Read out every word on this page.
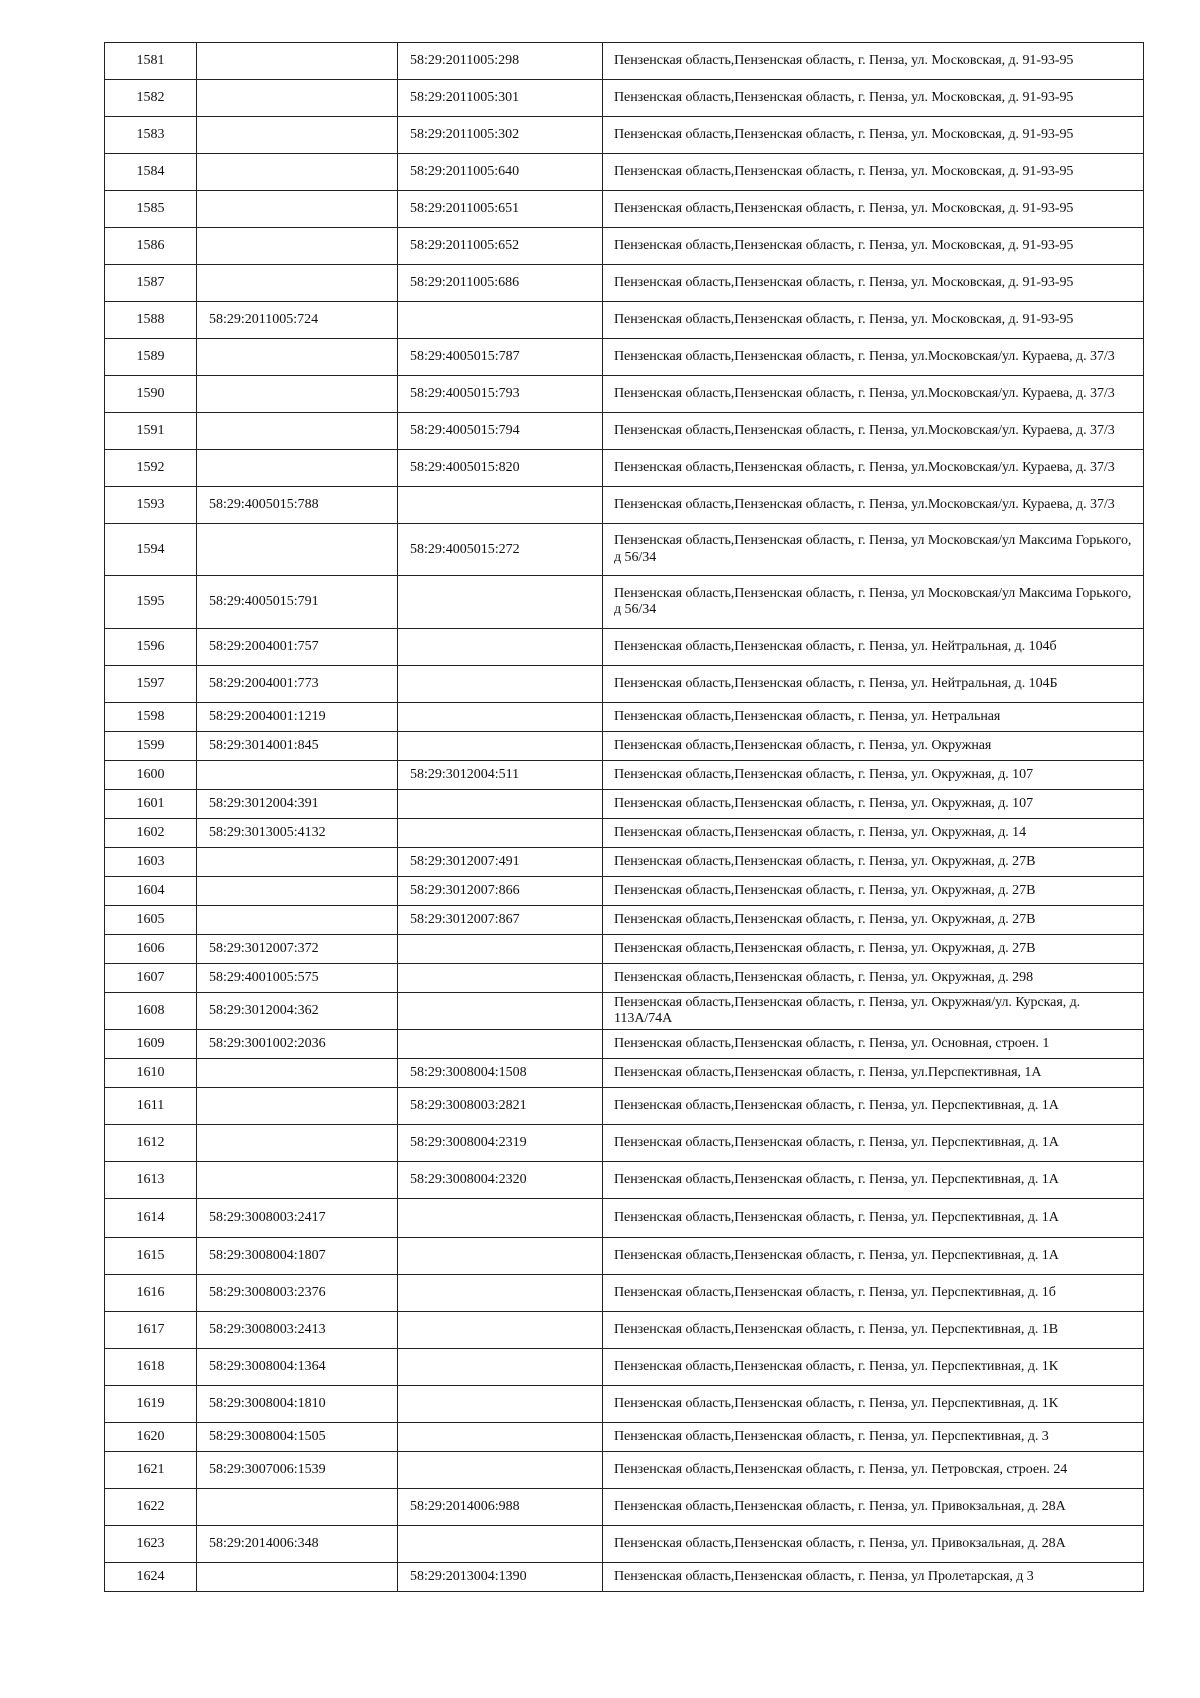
1581		58:29:2011005:298	Пензенская область,Пензенская область, г. Пенза, ул. Московская, д. 91-93-95
1582		58:29:2011005:301	Пензенская область,Пензенская область, г. Пенза, ул. Московская, д. 91-93-95
1583		58:29:2011005:302	Пензенская область,Пензенская область, г. Пенза, ул. Московская, д. 91-93-95
1584		58:29:2011005:640	Пензенская область,Пензенская область, г. Пенза, ул. Московская, д. 91-93-95
1585		58:29:2011005:651	Пензенская область,Пензенская область, г. Пенза, ул. Московская, д. 91-93-95
1586		58:29:2011005:652	Пензенская область,Пензенская область, г. Пенза, ул. Московская, д. 91-93-95
1587		58:29:2011005:686	Пензенская область,Пензенская область, г. Пенза, ул. Московская, д. 91-93-95
1588	58:29:2011005:724		Пензенская область,Пензенская область, г. Пенза, ул. Московская, д. 91-93-95
1589		58:29:4005015:787	Пензенская область,Пензенская область, г. Пенза, ул.Московская/ул. Кураева, д. 37/3
1590		58:29:4005015:793	Пензенская область,Пензенская область, г. Пенза, ул.Московская/ул. Кураева, д. 37/3
1591		58:29:4005015:794	Пензенская область,Пензенская область, г. Пенза, ул.Московская/ул. Кураева, д. 37/3
1592		58:29:4005015:820	Пензенская область,Пензенская область, г. Пенза, ул.Московская/ул. Кураева, д. 37/3
1593	58:29:4005015:788		Пензенская область,Пензенская область, г. Пенза, ул.Московская/ул. Кураева, д. 37/3
1594		58:29:4005015:272	Пензенская область,Пензенская область, г. Пенза, ул Московская/ул Максима Горького, д 56/34
1595	58:29:4005015:791		Пензенская область,Пензенская область, г. Пенза, ул Московская/ул Максима Горького, д 56/34
1596	58:29:2004001:757		Пензенская область,Пензенская область, г. Пенза, ул. Нейтральная, д. 104б
1597	58:29:2004001:773		Пензенская область,Пензенская область, г. Пенза, ул. Нейтральная, д. 104Б
1598	58:29:2004001:1219		Пензенская область,Пензенская область, г. Пенза, ул. Нетральная
1599	58:29:3014001:845		Пензенская область,Пензенская область, г. Пенза, ул. Окружная
1600		58:29:3012004:511	Пензенская область,Пензенская область, г. Пенза, ул. Окружная, д. 107
1601	58:29:3012004:391		Пензенская область,Пензенская область, г. Пенза, ул. Окружная, д. 107
1602	58:29:3013005:4132		Пензенская область,Пензенская область, г. Пенза, ул. Окружная, д. 14
1603		58:29:3012007:491	Пензенская область,Пензенская область, г. Пенза, ул. Окружная, д. 27В
1604		58:29:3012007:866	Пензенская область,Пензенская область, г. Пенза, ул. Окружная, д. 27В
1605		58:29:3012007:867	Пензенская область,Пензенская область, г. Пенза, ул. Окружная, д. 27В
1606	58:29:3012007:372		Пензенская область,Пензенская область, г. Пенза, ул. Окружная, д. 27В
1607	58:29:4001005:575		Пензенская область,Пензенская область, г. Пенза, ул. Окружная, д. 298
1608	58:29:3012004:362		Пензенская область,Пензенская область, г. Пенза, ул. Окружная/ул. Курская, д. 113А/74А
1609	58:29:3001002:2036		Пензенская область,Пензенская область, г. Пенза, ул. Основная, строен. 1
1610		58:29:3008004:1508	Пензенская область,Пензенская область, г. Пенза, ул.Перспективная, 1А
1611		58:29:3008003:2821	Пензенская область,Пензенская область, г. Пенза, ул. Перспективная, д. 1А
1612		58:29:3008004:2319	Пензенская область,Пензенская область, г. Пенза, ул. Перспективная, д. 1А
1613		58:29:3008004:2320	Пензенская область,Пензенская область, г. Пенза, ул. Перспективная, д. 1А
1614	58:29:3008003:2417		Пензенская область,Пензенская область, г. Пенза, ул. Перспективная, д. 1А
1615	58:29:3008004:1807		Пензенская область,Пензенская область, г. Пенза, ул. Перспективная, д. 1А
1616	58:29:3008003:2376		Пензенская область,Пензенская область, г. Пенза, ул. Перспективная, д. 1б
1617	58:29:3008003:2413		Пензенская область,Пензенская область, г. Пенза, ул. Перспективная, д. 1В
1618	58:29:3008004:1364		Пензенская область,Пензенская область, г. Пенза, ул. Перспективная, д. 1К
1619	58:29:3008004:1810		Пензенская область,Пензенская область, г. Пенза, ул. Перспективная, д. 1К
1620	58:29:3008004:1505		Пензенская область,Пензенская область, г. Пенза, ул. Перспективная, д. 3
1621	58:29:3007006:1539		Пензенская область,Пензенская область, г. Пенза, ул. Петровская, строен. 24
1622		58:29:2014006:988	Пензенская область,Пензенская область, г. Пенза, ул. Привокзальная, д. 28А
1623	58:29:2014006:348		Пензенская область,Пензенская область, г. Пенза, ул. Привокзальная, д. 28А
1624		58:29:2013004:1390	Пензенская область,Пензенская область, г. Пенза, ул Пролетарская, д 3
